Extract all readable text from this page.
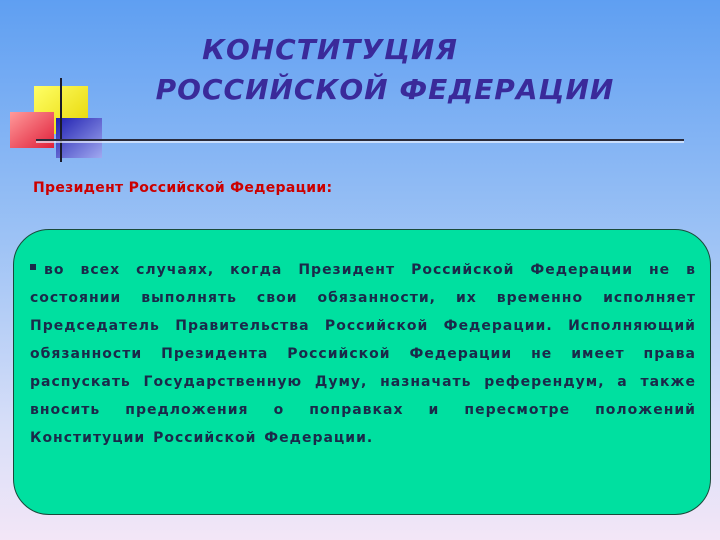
КОНСТИТУЦИЯ
РОССИЙСКОЙ ФЕДЕРАЦИИ
Президент Российской Федерации:
во всех случаях, когда Президент Российской Федерации не в состоянии выполнять свои обязанности, их временно исполняет Председатель Правительства Российской Федерации. Исполняющий обязанности Президента Российской Федерации не имеет права распускать Государственную Думу, назначать референдум, а также вносить предложения о поправках и пересмотре положений Конституции Российской Федерации.
